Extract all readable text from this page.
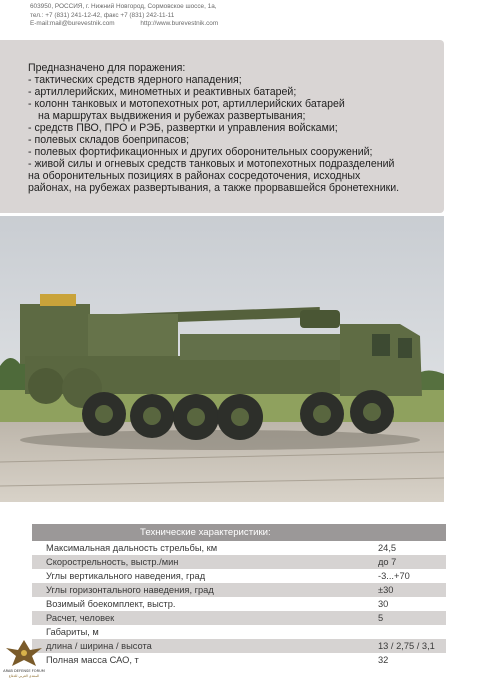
603950, РОССИЯ, г. Нижний Новгород, Сормовское шоссе, 1а,
тел.: +7 (831) 241-12-42, факс +7 (831) 242-11-11
E-mail:mail@burevestnik.com	http://www.burevestnik.com
Предназначено для поражения:
- тактических средств ядерного нападения;
- артиллерийских, минометных и реактивных батарей;
- колонн танковых и мотопехотных рот, артиллерийских батарей
на маршрутах выдвижения и рубежах развертывания;
- средств ПВО, ПРО и РЭБ, развертки и управления войсками;
- полевых складов боеприпасов;
- полевых фортификационных и других оборонительных сооружений;
- живой силы и огневых средств танковых и мотопехотных подразделений
на оборонительных позициях в районах сосредоточения, исходных
районах, на рубежах развертывания, а также прорвавшейся бронетехники.
Технические характеристики:
Максимальная дальность стрельбы, км	24,5
Скорострельность, выстр./мин	до 7
Углы вертикального наведения, град	-3...+70
Углы горизонтального наведения, град	±30
Возимый боекомплект, выстр.	30
Расчет, человек	5
Габариты, м
длина / ширина / высота	13 / 2,75 / 3,1
Полная масса САО, т	32
ARAB DEFENSE FORUM
المنتدى العربي للدفاع
